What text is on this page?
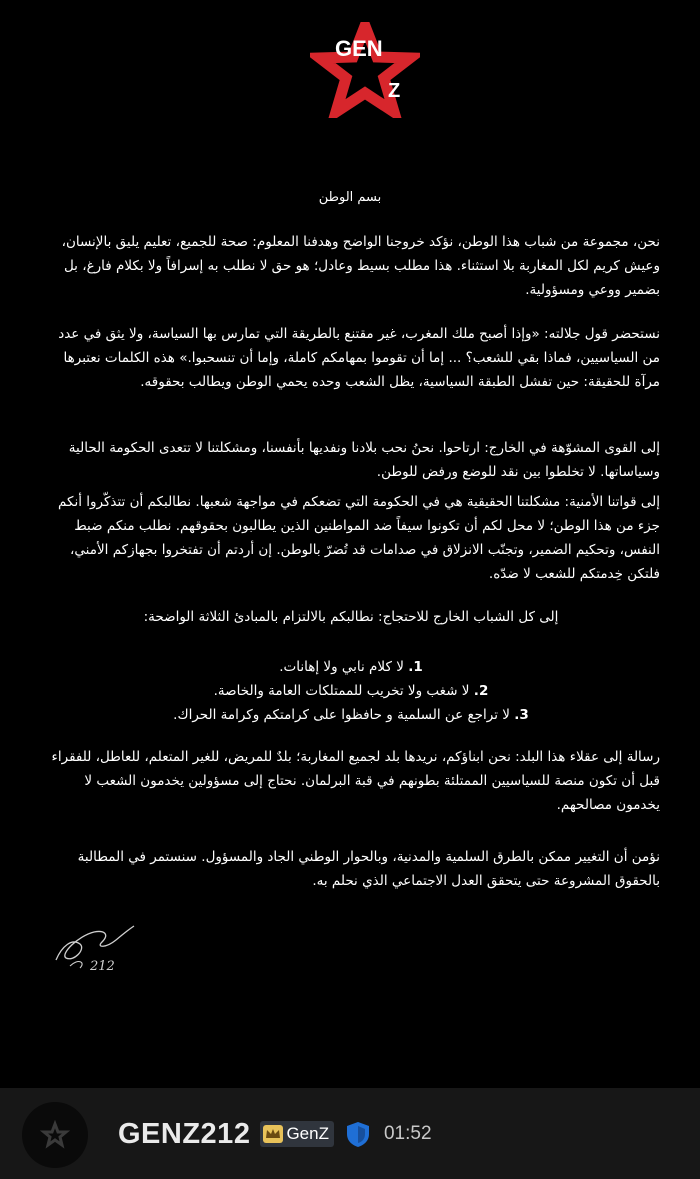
GEN
Z
بسم الوطن

نحن، مجموعة من شباب هذا الوطن، نؤكد خروجنا الواضح وهدفنا المعلوم: صحة للجميع، تعليم يليق بالإنسان، وعيش كريم لكل المغاربة بلا استثناء. هذا مطلب بسيط وعادل؛ هو حق لا نطلب به إسرافاً ولا بكلام فارغ، بل بضمير ووعي ومسؤولية.

نستحضر قول جلالته: «وإذا أصبح ملك المغرب، غير مقتنع بالطريقة التي تمارس بها السياسة، ولا يثق في عدد من السياسيين، فماذا بقي للشعب؟ ... إما أن تقوموا بمهامكم كاملة، وإما أن تنسحبوا.» هذه الكلمات نعتبرها مرآة للحقيقة: حين تفشل الطبقة السياسية، يظل الشعب وحده يحمي الوطن ويطالب بحقوقه.

إلى القوى المشوّهة في الخارج: ارتاحوا. نحنُ نحب بلادنا ونفديها بأنفسنا، ومشكلتنا لا تتعدى الحكومة الحالية وسياساتها. لا تخلطوا بين نقد للوضع ورفض للوطن.

إلى قواتنا الأمنية: مشكلتنا الحقيقية هي في الحكومة التي تضعكم في مواجهة شعبها. نطالبكم أن تتذكّروا أنكم جزء من هذا الوطن؛ لا محل لكم أن تكونوا سيفاً ضد المواطنين الذين يطالبون بحقوقهم. نطلب منكم ضبط النفس، وتحكيم الضمير، وتجنّب الانزلاق في صدامات قد تُضرّ بالوطن. إن أردتم أن تفتخروا بجهازكم الأمني، فلتكن خِدمتكم للشعب لا ضدّه.

إلى كل الشباب الخارج للاحتجاج: نطالبكم بالالتزام بالمبادئ الثلاثة الواضحة:

1. لا كلام نابي ولا إهانات.
2. لا شغب ولا تخريب للممتلكات العامة والخاصة.
3. لا تراجع عن السلمية و حافظوا على كرامتكم وكرامة الحراك.

رسالة إلى عقلاء هذا البلد: نحن ابناؤكم، نريدها بلد لجميع المغاربة؛ بلدٌ للمريض، للغير المتعلم، للعاطل، للفقراء قبل أن تكون منصة للسياسيين الممتلئة بطونهم في قبة البرلمان. نحتاج إلى مسؤولين يخدمون الشعب لا يخدمون مصالحهم.

نؤمن أن التغيير ممكن بالطرق السلمية والمدنية، وبالحوار الوطني الجاد والمسؤول. سنستمر في المطالبة بالحقوق المشروعة حتى يتحقق العدل الاجتماعي الذي نحلم به.

212
GENZ212 GenZ	01:52
